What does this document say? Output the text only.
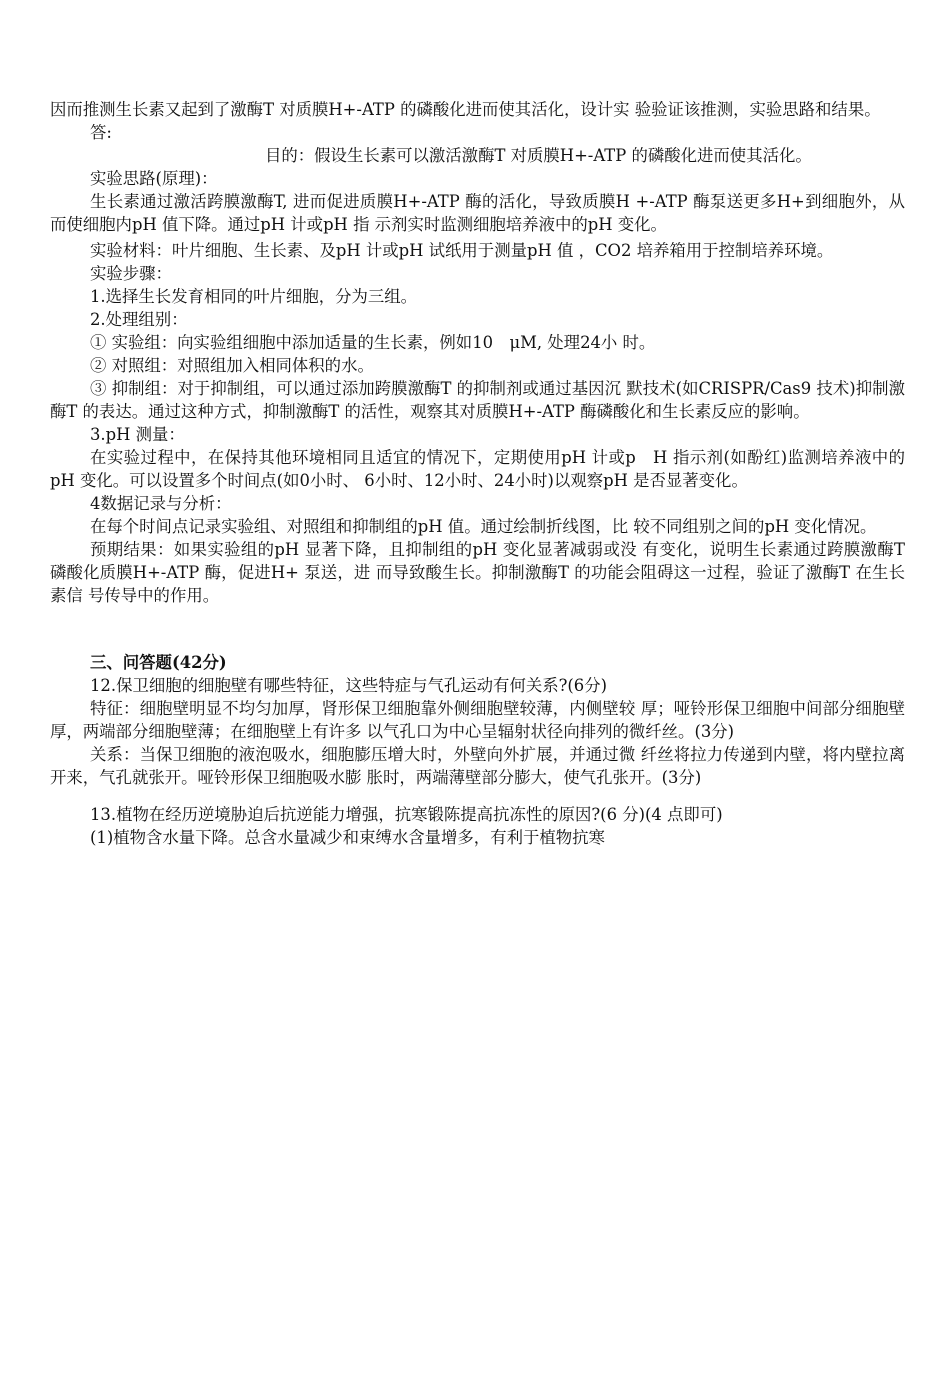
因而推测生长素又起到了激酶T 对质膜H+-ATP 的磷酸化进而使其活化，设计实 验验证该推测，实验思路和结果。

答:

目的：假设生长素可以激活激酶T 对质膜H+-ATP 的磷酸化进而使其活化。

实验思路(原理)：

生长素通过激活跨膜激酶T, 进而促进质膜H+-ATP 酶的活化，导致质膜H +-ATP 酶泵送更多H+到细胞外，从而使细胞内pH 值下降。通过pH 计或pH 指 示剂实时监测细胞培养液中的pH 变化。

实验材料：叶片细胞、生长素、及pH 计或pH 试纸用于测量pH 值 ，CO2 培养箱用于控制培养环境。

实验步骤：

1.选择生长发育相同的叶片细胞，分为三组。

2.处理组别：

① 实验组：向实验组细胞中添加适量的生长素，例如10　μM, 处理24小 时。

② 对照组：对照组加入相同体积的水。

③ 抑制组：对于抑制组，可以通过添加跨膜激酶T 的抑制剂或通过基因沉 默技术(如CRISPR/Cas9 技术)抑制激酶T 的表达。通过这种方式，抑制激酶T 的活性，观察其对质膜H+-ATP 酶磷酸化和生长素反应的影响。

3.pH 测量：

在实验过程中，在保持其他环境相同且适宜的情况下，定期使用pH 计或p　H 指示剂(如酚红)监测培养液中的pH 变化。可以设置多个时间点(如0小时、 6小时、12小时、24小时)以观察pH 是否显著变化。

4数据记录与分析：

在每个时间点记录实验组、对照组和抑制组的pH 值。通过绘制折线图，比 较不同组别之间的pH 变化情况。

预期结果：如果实验组的pH 显著下降，且抑制组的pH 变化显著减弱或没 有变化，说明生长素通过跨膜激酶T 磷酸化质膜H+-ATP 酶，促进H+ 泵送，进 而导致酸生长。抑制激酶T 的功能会阻碍这一过程，验证了激酶T 在生长素信 号传导中的作用。

三、问答题(42分)

12.保卫细胞的细胞壁有哪些特征，这些特症与气孔运动有何关系?(6分)

特征：细胞壁明显不均匀加厚，肾形保卫细胞靠外侧细胞壁较薄，内侧壁较 厚；哑铃形保卫细胞中间部分细胞壁厚，两端部分细胞壁薄；在细胞壁上有许多 以气孔口为中心呈辐射状径向排列的微纤丝。(3分)

关系：当保卫细胞的液泡吸水，细胞膨压增大时，外壁向外扩展，并通过微 纤丝将拉力传递到内壁，将内壁拉离开来，气孔就张开。哑铃形保卫细胞吸水膨 胀时，两端薄壁部分膨大，使气孔张开。(3分)

13.植物在经历逆境胁迫后抗逆能力增强，抗寒锻陈提高抗冻性的原因?(6 分)(4 点即可)

(1)植物含水量下降。总含水量减少和束缚水含量增多，有利于植物抗寒
